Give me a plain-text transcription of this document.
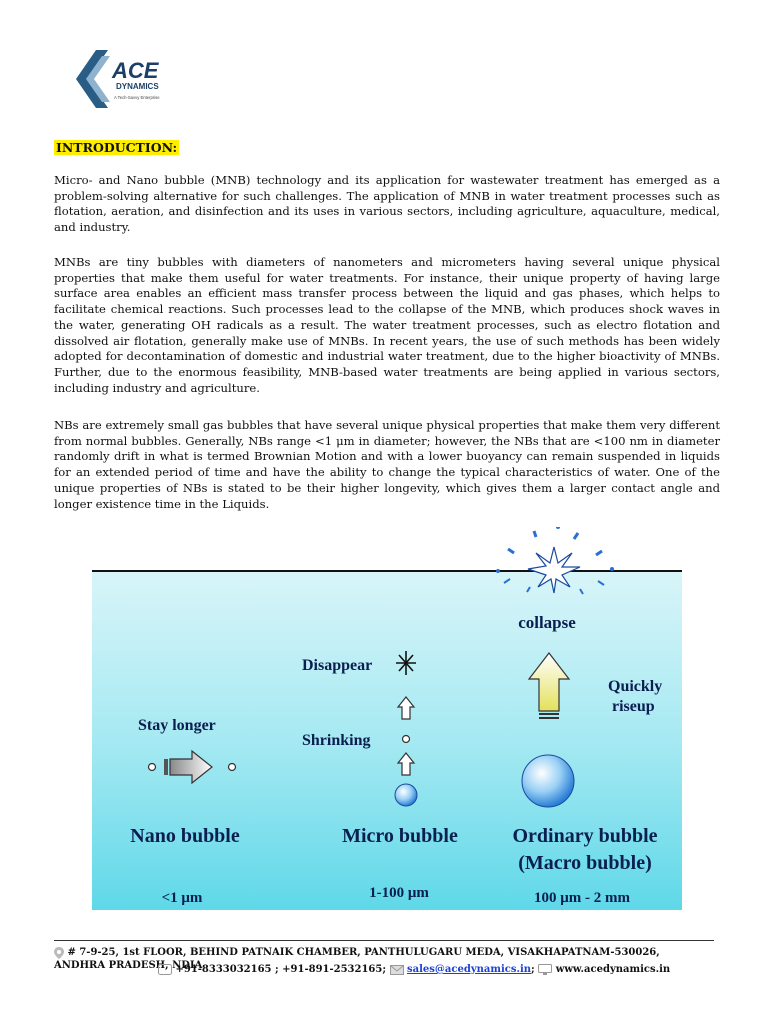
ACE
DYNAMICS
A Tech-Savvy Enterprise
INTRODUCTION:

Micro- and Nano bubble (MNB) technology and its application for wastewater treatment has emerged as a problem-solving alternative for such challenges. The application of MNB in water treatment processes such as flotation, aeration, and disinfection and its uses in various sectors, including agriculture, aquaculture, medical, and industry.

MNBs are tiny bubbles with diameters of nanometers and micrometers having several unique physical properties that make them useful for water treatments. For instance, their unique property of having large surface area enables an efficient mass transfer process between the liquid and gas phases, which helps to facilitate chemical reactions. Such processes lead to the collapse of the MNB, which produces shock waves in the water, generating OH radicals as a result. The water treatment processes, such as electro flotation and dissolved air flotation, generally make use of MNBs. In recent years, the use of such methods has been widely adopted for decontamination of domestic and industrial water treatment, due to the higher bioactivity of MNBs. Further, due to the enormous feasibility, MNB-based water treatments are being applied in various sectors, including industry and agriculture.

NBs are extremely small gas bubbles that have several unique physical properties that make them very different from normal bubbles. Generally, NBs range <1 μm in diameter; however, the NBs that are <100 nm in diameter randomly drift in what is termed Brownian Motion and with a lower buoyancy can remain suspended in liquids for an extended period of time and have the ability to change the typical characteristics of water. One of the unique properties of NBs is stated to be their higher longevity, which gives them a larger contact angle and longer existence time in the Liquids.

collapse
Quickly
riseup
Disappear
Shrinking
Stay longer
Nano bubble	Micro bubble	Ordinary bubble
(Macro bubble)
<1 μm	1-100 μm	100 μm - 2 mm
# 7-9-25, 1st FLOOR, BEHIND PATNAIK CHAMBER, PANTHULUGARU MEDA, VISAKHAPATNAM-530026, ANDHRA PRADESH, NDIA
+91-8333032165 ; +91-891-2532165; sales@acedynamics.in; www.acedynamics.in
